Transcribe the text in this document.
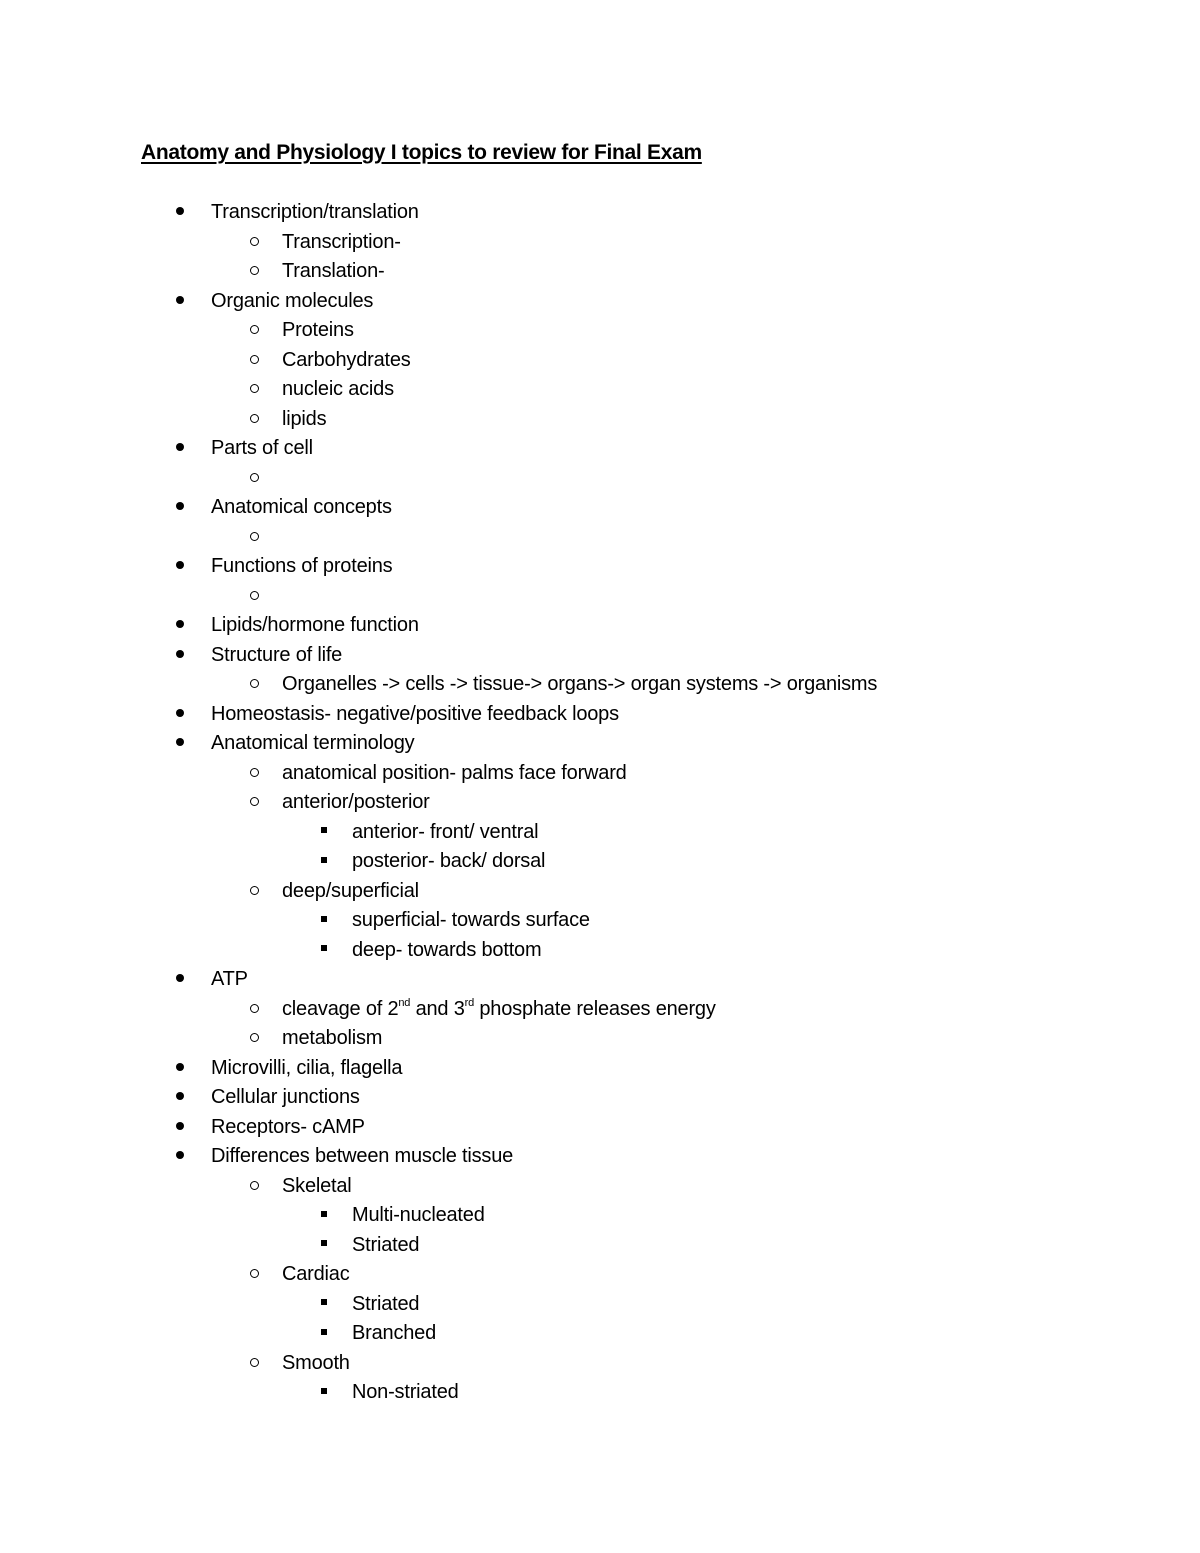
Anatomy and Physiology I topics to review for Final Exam
Transcription/translation
Transcription-
Translation-
Organic molecules
Proteins
Carbohydrates
nucleic acids
lipids
Parts of cell
Anatomical concepts
Functions of proteins
Lipids/hormone function
Structure of life
Organelles -> cells -> tissue-> organs-> organ systems -> organisms
Homeostasis- negative/positive feedback loops
Anatomical terminology
anatomical position- palms face forward
anterior/posterior
anterior- front/ ventral
posterior- back/ dorsal
deep/superficial
superficial- towards surface
deep- towards bottom
ATP
cleavage of 2nd and 3rd phosphate releases energy
metabolism
Microvilli, cilia, flagella
Cellular junctions
Receptors- cAMP
Differences between muscle tissue
Skeletal
Multi-nucleated
Striated
Cardiac
Striated
Branched
Smooth
Non-striated
